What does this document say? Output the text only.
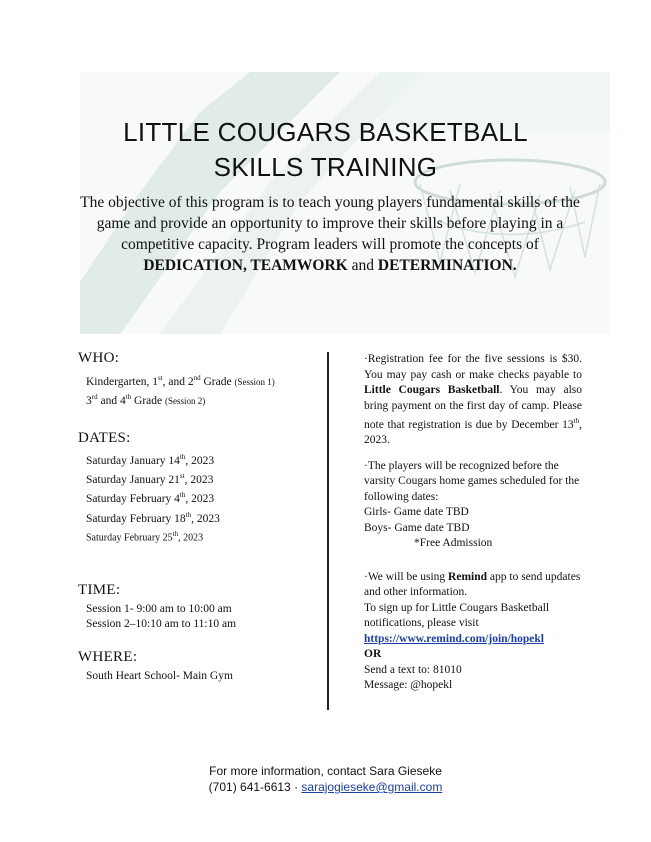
LITTLE COUGARS BASKETBALL
SKILLS TRAINING
The objective of this program is to teach young players fundamental skills of the game and provide an opportunity to improve their skills before playing in a competitive capacity. Program leaders will promote the concepts of DEDICATION, TEAMWORK and DETERMINATION.
WHO:
Kindergarten, 1st, and 2nd Grade (Session 1)
3rd and 4th Grade (Session 2)
DATES:
Saturday January 14th, 2023
Saturday January 21st, 2023
Saturday February 4th, 2023
Saturday February 18th, 2023
Saturday February 25th, 2023
TIME:
Session 1- 9:00 am to 10:00 am
Session 2–10:10 am to 11:10 am
WHERE:
South Heart School- Main Gym

·Registration fee for the five sessions is $30. You may pay cash or make checks payable to Little Cougars Basketball. You may also bring payment on the first day of camp. Please note that registration is due by December 13th, 2023.

·The players will be recognized before the varsity Cougars home games scheduled for the following dates:
Girls- Game date TBD
Boys- Game date TBD
*Free Admission

·We will be using Remind app to send updates and other information.
To sign up for Little Cougars Basketball notifications, please visit
https://www.remind.com/join/hopekl
OR
Send a text to: 81010
Message: @hopekl

For more information, contact Sara Gieseke
(701) 641-6613 · sarajogieseke@gmail.com
